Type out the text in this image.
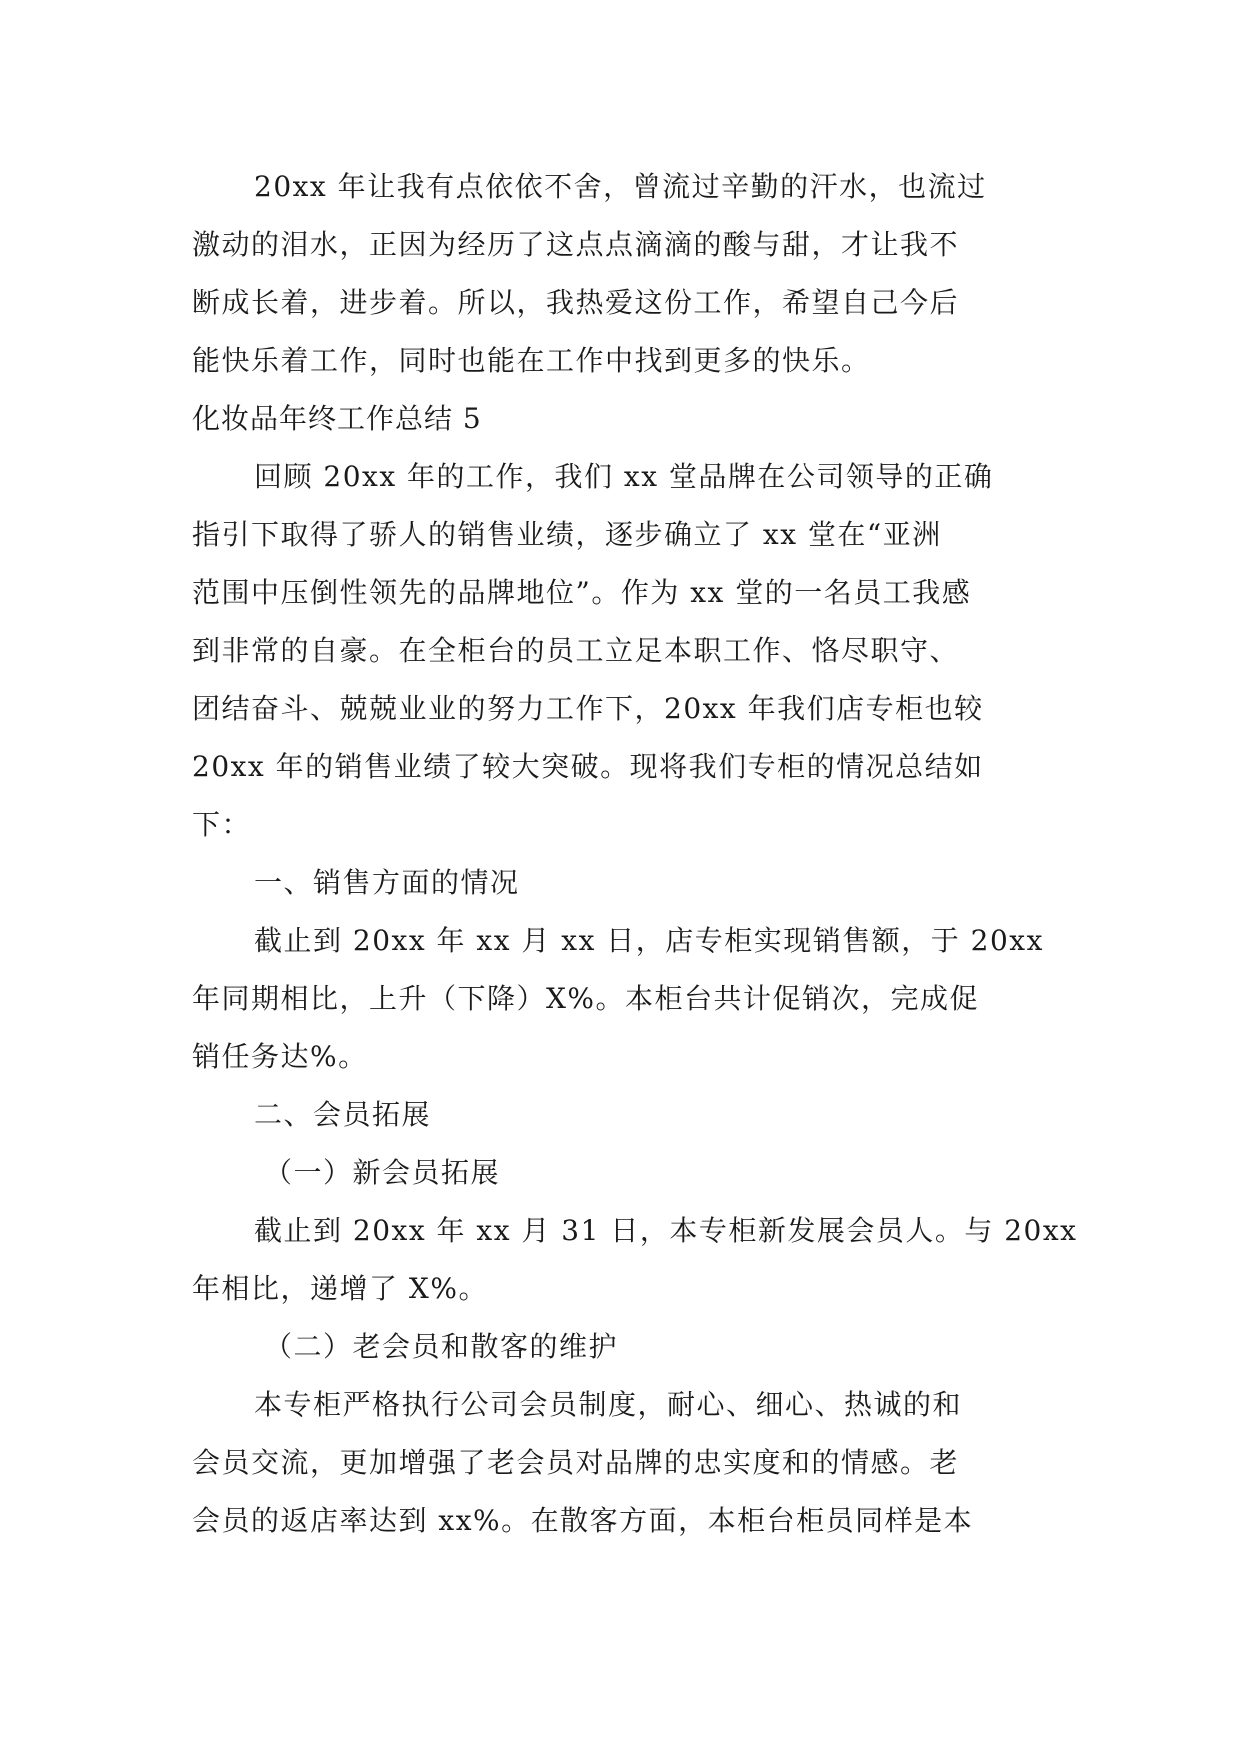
20xx 年让我有点依依不舍，曾流过辛勤的汗水，也流过
激动的泪水，正因为经历了这点点滴滴的酸与甜，才让我不
断成长着，进步着。所以，我热爱这份工作，希望自己今后
能快乐着工作，同时也能在工作中找到更多的快乐。
化妆品年终工作总结 5
回顾 20xx 年的工作，我们 xx 堂品牌在公司领导的正确
指引下取得了骄人的销售业绩，逐步确立了 xx 堂在“亚洲
范围中压倒性领先的品牌地位”。作为 xx 堂的一名员工我感
到非常的自豪。在全柜台的员工立足本职工作、恪尽职守、
团结奋斗、兢兢业业的努力工作下，20xx 年我们店专柜也较
20xx 年的销售业绩了较大突破。现将我们专柜的情况总结如
下：
一、销售方面的情况
截止到 20xx 年 xx 月 xx 日，店专柜实现销售额，于 20xx
年同期相比，上升（下降）X%。本柜台共计促销次，完成促
销任务达%。
二、会员拓展
（一）新会员拓展
截止到 20xx 年 xx 月 31 日，本专柜新发展会员人。与 20xx
年相比，递增了 X%。
（二）老会员和散客的维护
本专柜严格执行公司会员制度，耐心、细心、热诚的和
会员交流，更加增强了老会员对品牌的忠实度和的情感。老
会员的返店率达到 xx%。在散客方面，本柜台柜员同样是本
